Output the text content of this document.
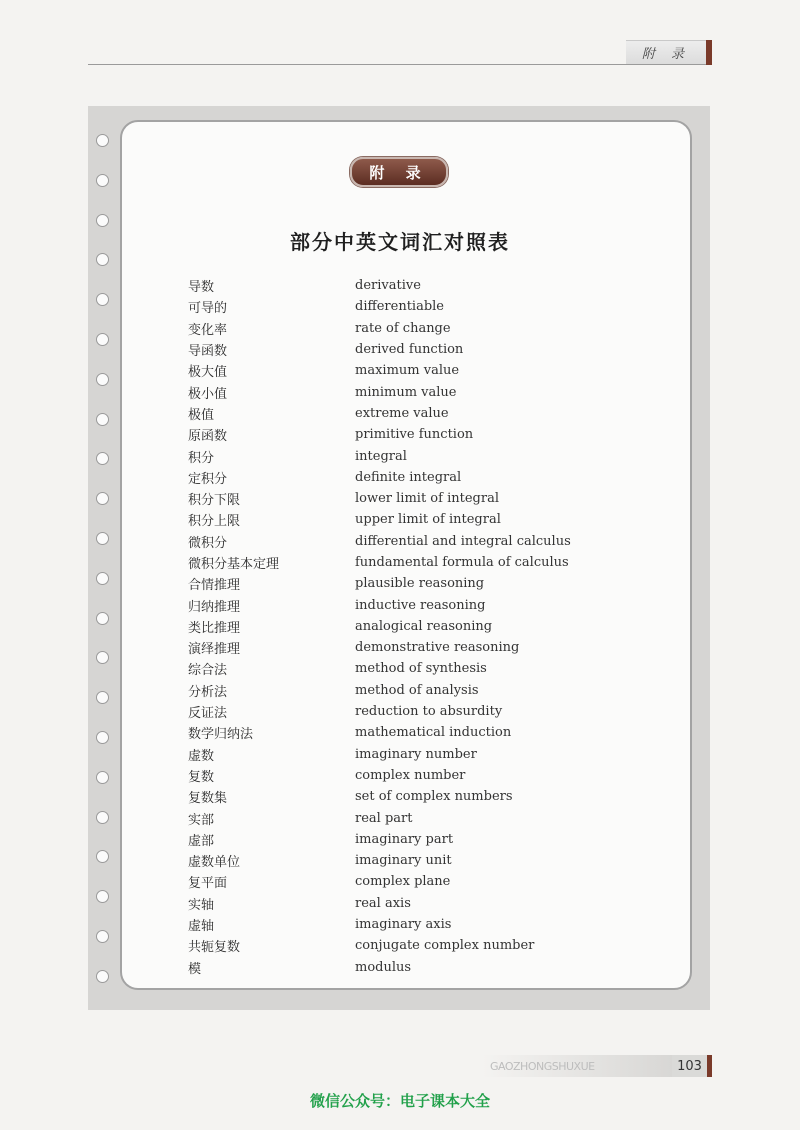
附 录
附 录
部分中英文词汇对照表
导数	derivative
可导的	differentiable
变化率	rate of change
导函数	derived function
极大值	maximum value
极小值	minimum value
极值	extreme value
原函数	primitive function
积分	integral
定积分	definite integral
积分下限	lower limit of integral
积分上限	upper limit of integral
微积分	differential and integral calculus
微积分基本定理	fundamental formula of calculus
合情推理	plausible reasoning
归纳推理	inductive reasoning
类比推理	analogical reasoning
演绎推理	demonstrative reasoning
综合法	method of synthesis
分析法	method of analysis
反证法	reduction to absurdity
数学归纳法	mathematical induction
虚数	imaginary number
复数	complex number
复数集	set of complex numbers
实部	real part
虚部	imaginary part
虚数单位	imaginary unit
复平面	complex plane
实轴	real axis
虚轴	imaginary axis
共轭复数	conjugate complex number
模	modulus
GAOZHONGSHUXUE	103
微信公众号：电子课本大全
